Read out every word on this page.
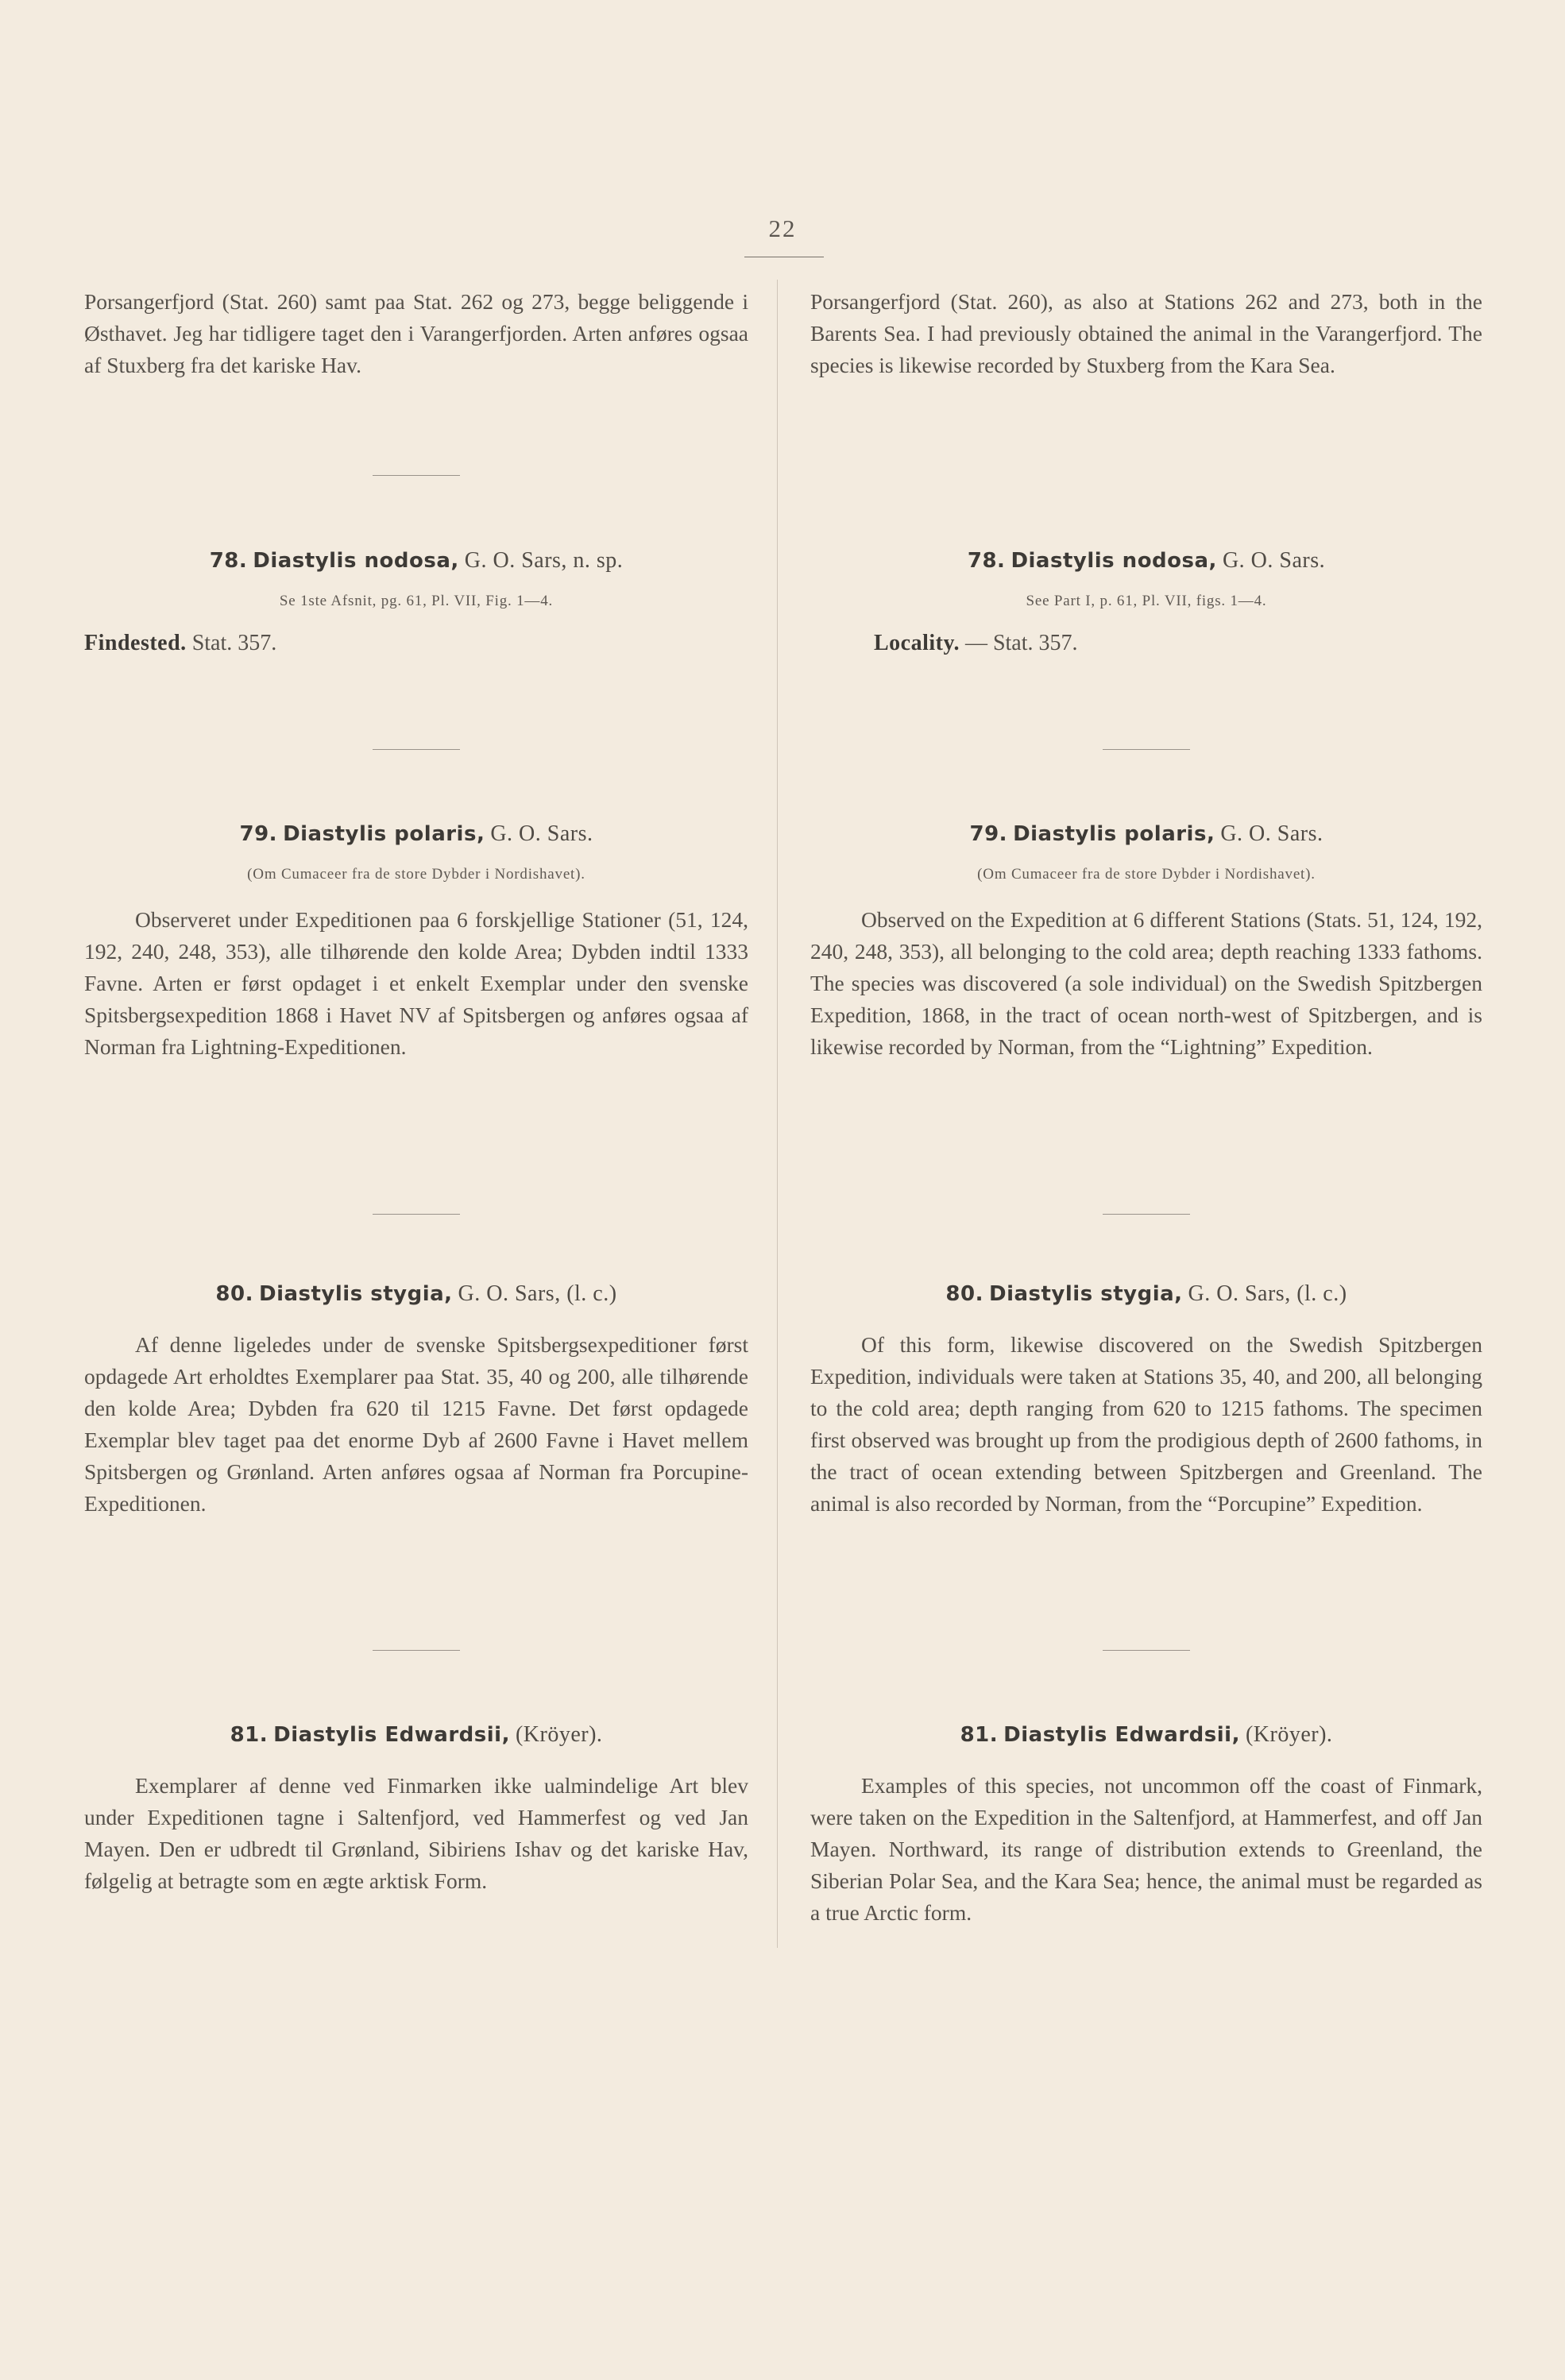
22

Porsangerfjord (Stat. 260) samt paa Stat. 262 og 273, begge beliggende i Østhavet. Jeg har tidligere taget den i Varangerfjorden. Arten anføres ogsaa af Stuxberg fra det kariske Hav.

78. Diastylis nodosa, G. O. Sars, n. sp.

Se 1ste Afsnit, pg. 61, Pl. VII, Fig. 1—4.

Findested. Stat. 357.

79. Diastylis polaris, G. O. Sars.

(Om Cumaceer fra de store Dybder i Nordishavet).

Observeret under Expeditionen paa 6 forskjellige Stationer (51, 124, 192, 240, 248, 353), alle tilhørende den kolde Area; Dybden indtil 1333 Favne. Arten er først opdaget i et enkelt Exemplar under den svenske Spitsbergsexpedition 1868 i Havet NV af Spitsbergen og anføres ogsaa af Norman fra Lightning-Expeditionen.

80. Diastylis stygia, G. O. Sars, (l. c.)

Af denne ligeledes under de svenske Spitsbergsexpeditioner først opdagede Art erholdtes Exemplarer paa Stat. 35, 40 og 200, alle tilhørende den kolde Area; Dybden fra 620 til 1215 Favne. Det først opdagede Exemplar blev taget paa det enorme Dyb af 2600 Favne i Havet mellem Spitsbergen og Grønland. Arten anføres ogsaa af Norman fra Porcupine-Expeditionen.

81. Diastylis Edwardsii, (Kröyer).

Exemplarer af denne ved Finmarken ikke ualmindelige Art blev under Expeditionen tagne i Saltenfjord, ved Hammerfest og ved Jan Mayen. Den er udbredt til Grønland, Sibiriens Ishav og det kariske Hav, følgelig at betragte som en ægte arktisk Form.

Porsangerfjord (Stat. 260), as also at Stations 262 and 273, both in the Barents Sea. I had previously obtained the animal in the Varangerfjord. The species is likewise recorded by Stuxberg from the Kara Sea.

78. Diastylis nodosa, G. O. Sars.

See Part I, p. 61, Pl. VII, figs. 1—4.

Locality. — Stat. 357.

79. Diastylis polaris, G. O. Sars.

(Om Cumaceer fra de store Dybder i Nordishavet).

Observed on the Expedition at 6 different Stations (Stats. 51, 124, 192, 240, 248, 353), all belonging to the cold area; depth reaching 1333 fathoms. The species was discovered (a sole individual) on the Swedish Spitzbergen Expedition, 1868, in the tract of ocean north-west of Spitzbergen, and is likewise recorded by Norman, from the “Lightning” Expedition.

80. Diastylis stygia, G. O. Sars, (l. c.)

Of this form, likewise discovered on the Swedish Spitzbergen Expedition, individuals were taken at Stations 35, 40, and 200, all belonging to the cold area; depth ranging from 620 to 1215 fathoms. The specimen first observed was brought up from the prodigious depth of 2600 fathoms, in the tract of ocean extending between Spitzbergen and Greenland. The animal is also recorded by Norman, from the “Porcupine” Expedition.

81. Diastylis Edwardsii, (Kröyer).

Examples of this species, not uncommon off the coast of Finmark, were taken on the Expedition in the Saltenfjord, at Hammerfest, and off Jan Mayen. Northward, its range of distribution extends to Greenland, the Siberian Polar Sea, and the Kara Sea; hence, the animal must be regarded as a true Arctic form.
